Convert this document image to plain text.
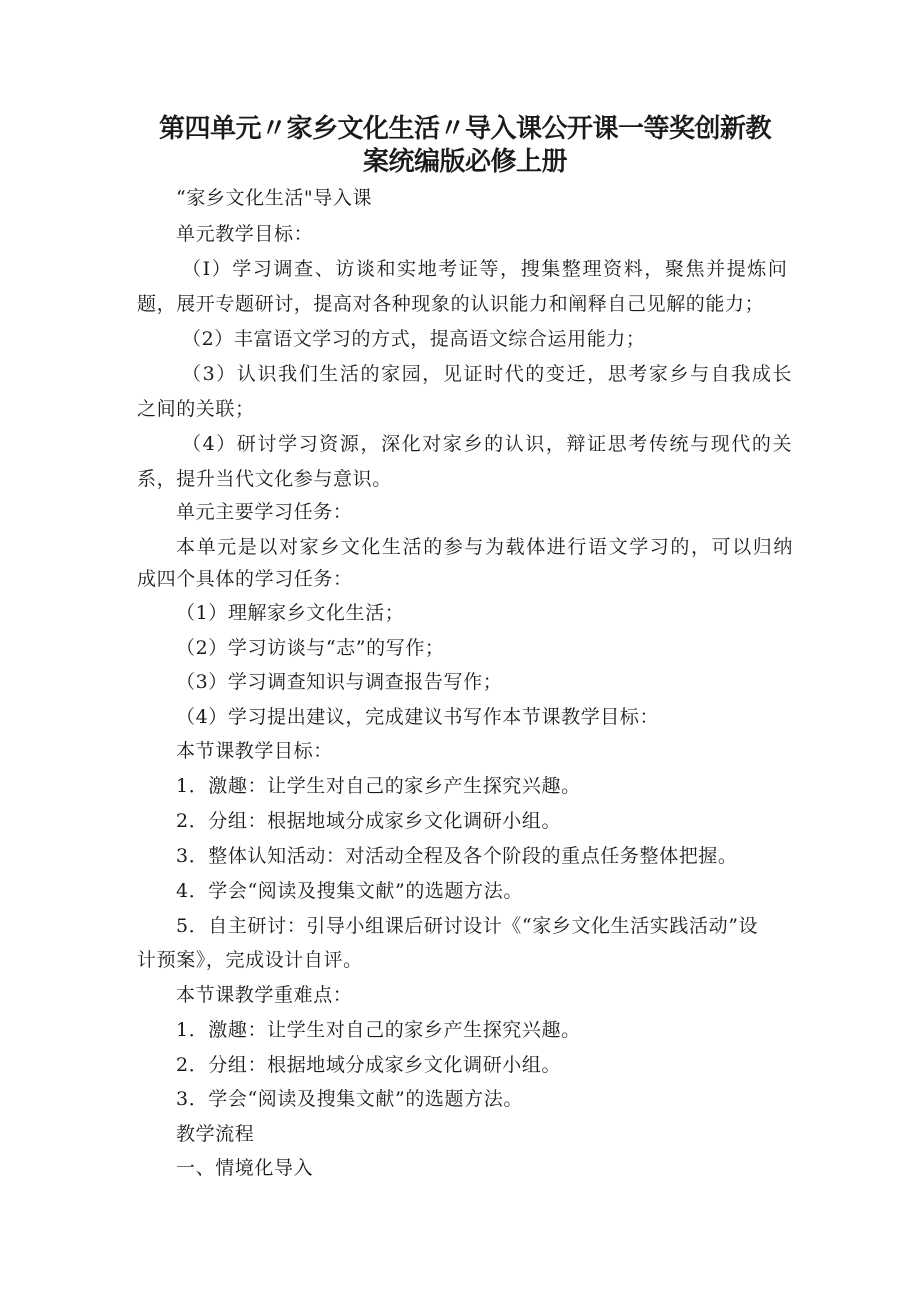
第四单元〃家乡文化生活〃导入课公开课一等奖创新教
案统编版必修上册
“家乡文化生活"导入课
单元教学目标：
（I）学习调查、访谈和实地考证等，搜集整理资料，聚焦并提炼问
题，展开专题研讨，提高对各种现象的认识能力和阐释自己见解的能力；
（2）丰富语文学习的方式，提高语文综合运用能力；
（3）认识我们生活的家园，见证时代的变迁，思考家乡与自我成长
之间的关联；
（4）研讨学习资源，深化对家乡的认识，辩证思考传统与现代的关
系，提升当代文化参与意识。
单元主要学习任务：
本单元是以对家乡文化生活的参与为载体进行语文学习的，可以归纳
成四个具体的学习任务：
（1）理解家乡文化生活；
（2）学习访谈与“志”的写作；
（3）学习调查知识与调查报告写作；
（4）学习提出建议，完成建议书写作本节课教学目标：
本节课教学目标：
1．激趣：让学生对自己的家乡产生探究兴趣。
2．分组：根据地域分成家乡文化调研小组。
3．整体认知活动：对活动全程及各个阶段的重点任务整体把握。
4．学会“阅读及搜集文献”的选题方法。
5．自主研讨：引导小组课后研讨设计《“家乡文化生活实践活动”设
计预案》，完成设计自评。
本节课教学重难点：
1．激趣：让学生对自己的家乡产生探究兴趣。
2．分组：根据地域分成家乡文化调研小组。
3．学会“阅读及搜集文献”的选题方法。
教学流程
一、情境化导入
